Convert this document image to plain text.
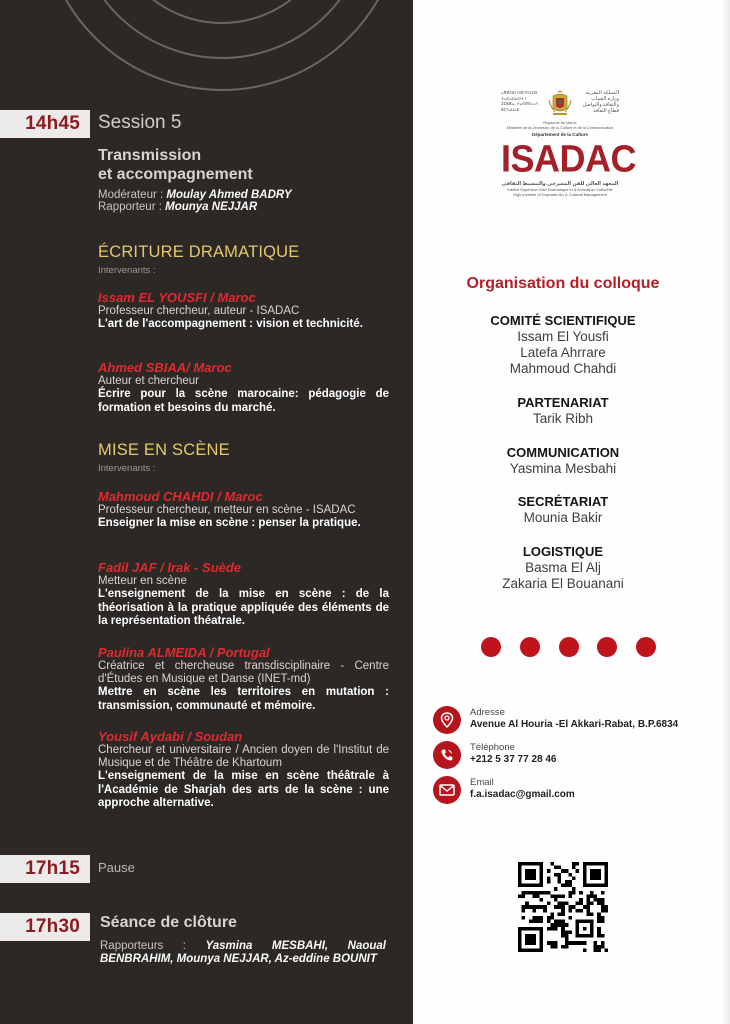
14h45 Session 5
Transmission
et accompagnement
Modérateur : Moulay Ahmed BADRY
Rapporteur : Mounya NEJJAR
ÉCRITURE DRAMATIQUE
Intervenants :
Issam EL YOUSFI / Maroc
Professeur chercheur, auteur - ISADAC
L'art de l'accompagnement : vision et technicité.
Ahmed SBIAA/ Maroc
Auteur et chercheur
Écrire pour la scène marocaine: pédagogie de formation et besoins du marché.
MISE EN SCÈNE
Intervenants :
Mahmoud CHAHDI / Maroc
Professeur chercheur, metteur en scène - ISADAC
Enseigner la mise en scène : penser la pratique.
Fadil JAF / Irak - Suède
Metteur en scène
L'enseignement de la mise en scène : de la théorisation à la pratique appliquée des éléments de la représentation théatrale.
Paulina ALMEIDA / Portugal
Créatrice et chercheuse transdisciplinaire - Centre d'Études en Musique et Danse (INET-md)
Mettre en scène les territoires en mutation : transmission, communauté et mémoire.
Yousif Aydabi / Soudan
Chercheur et universitaire / Ancien doyen de l'Institut de Musique et de Théâtre de Khartoum
L'enseignement de la mise en scène théâtrale à l'Académie de Sharjah des arts de la scène : une approche alternative.
17h15	Pause
17h30	Séance de clôture
Rapporteurs : Yasmina MESBAHI, Naoual BENBRAHIM, Mounya NEJJAR, Az-eddine BOUNIT
ⴰⴳⵍⴷⵓⵏ ⵏ ⵍⵎⵖⵔⵉⴱ ⵜⴰⵎⴰⵡⴰⵙⵜ ⵏ ⵉⵎⵓⵥⴰ, ⵜⴰⴷⵍⵙⴰ ⴷ ⵓⵎⵢⴰⵡⴰⴹ
المملكة المغربية وزارة الشباب والثقافة والتواصل قطاع الثقافة
Royaume du Maroc
Ministère de la Jeunesse, de la Culture et de la Communication
Département de la Culture
ISADAC
المعهد العالي للفن المسرحي والتنشيط الثقافي
Institut Supérieur d'Art Dramatique et d'Animation Culturelle
High Institute of Dramatic Art & Cultural Management
Organisation du colloque
COMITÉ SCIENTIFIQUE
Issam El Yousfi
Latefa Ahrrare
Mahmoud Chahdi
PARTENARIAT
Tarik Ribh
COMMUNICATION
Yasmina Mesbahi
SECRÉTARIAT
Mounia Bakir
LOGISTIQUE
Basma El Alj
Zakaria El Bouanani
Adresse
Avenue Al Houria -El Akkari-Rabat, B.P.6834
Téléphone
+212 5 37 77 28 46
Email
f.a.isadac@gmail.com
